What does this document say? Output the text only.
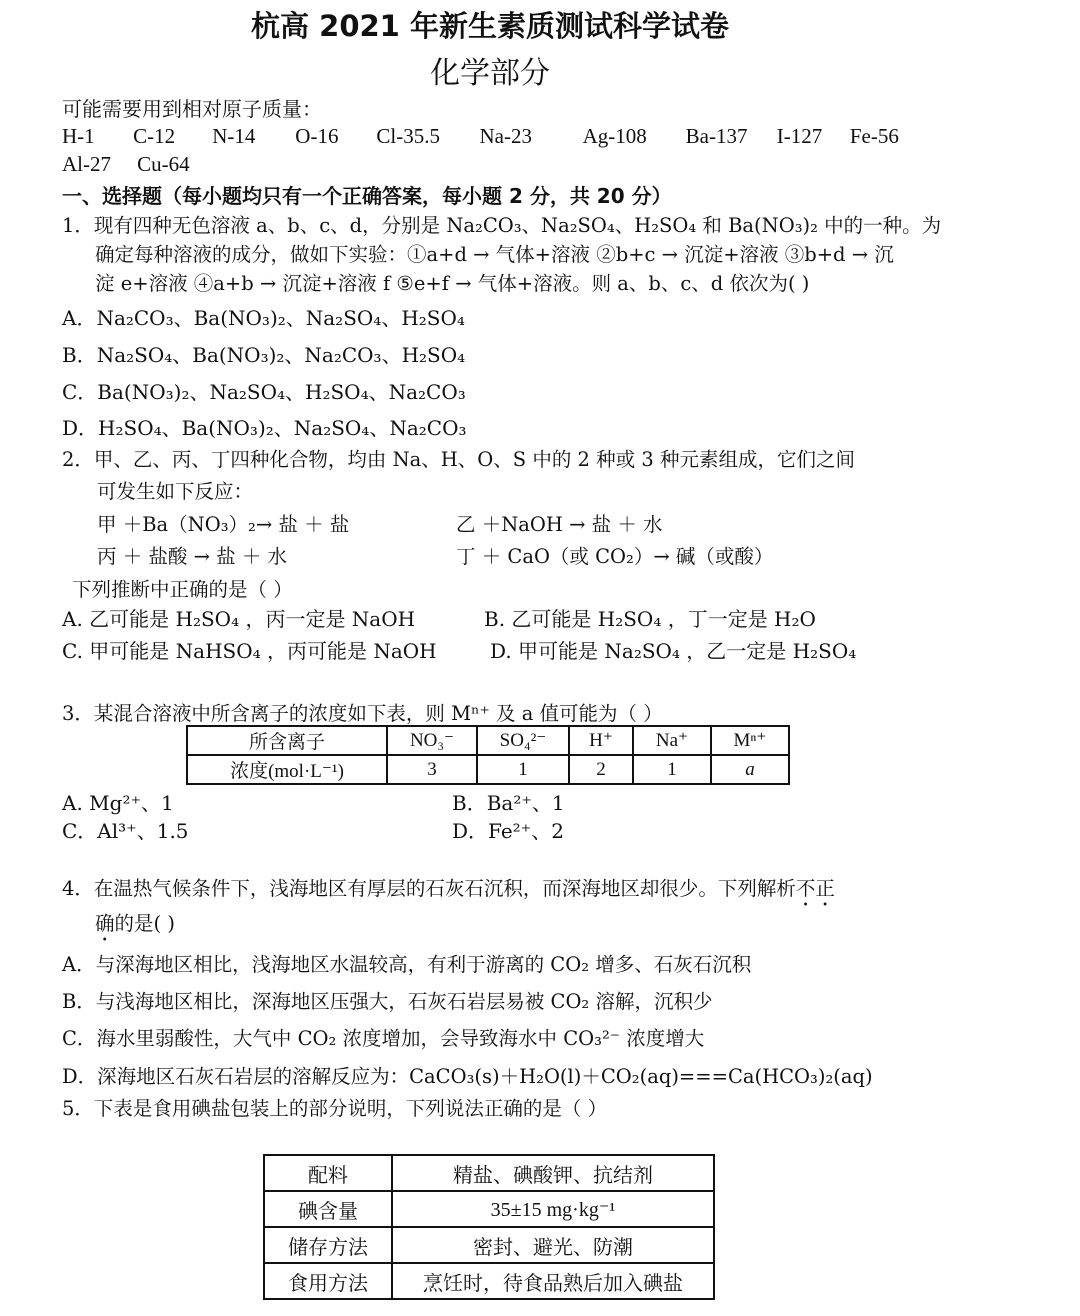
杭高 2021 年新生素质测试科学试卷
化学部分
可能需要用到相对原子质量：
H-1 C-12 N-14 O-16 Cl-35.5 Na-23 Ag-108 Ba-137 I-127 Fe-56
Al-27 Cu-64
一、选择题（每小题均只有一个正确答案，每小题 2 分，共 20 分）
1．现有四种无色溶液 a、b、c、d，分别是 Na₂CO₃、Na₂SO₄、H₂SO₄ 和 Ba(NO₃)₂ 中的一种。为
确定每种溶液的成分，做如下实验：①a+d → 气体+溶液 ②b+c → 沉淀+溶液 ③b+d → 沉
淀 e+溶液 ④a+b → 沉淀+溶液 f ⑤e+f → 气体+溶液。则 a、b、c、d 依次为( )
A．Na₂CO₃、Ba(NO₃)₂、Na₂SO₄、H₂SO₄
B．Na₂SO₄、Ba(NO₃)₂、Na₂CO₃、H₂SO₄
C．Ba(NO₃)₂、Na₂SO₄、H₂SO₄、Na₂CO₃
D．H₂SO₄、Ba(NO₃)₂、Na₂SO₄、Na₂CO₃
2．甲、乙、丙、丁四种化合物，均由 Na、H、O、S 中的 2 种或 3 种元素组成，它们之间
可发生如下反应：
甲 ＋Ba（NO₃）₂→ 盐 ＋ 盐	乙 ＋NaOH → 盐 ＋ 水
丙 ＋ 盐酸 → 盐 ＋ 水	丁 ＋ CaO（或 CO₂）→ 碱（或酸）
下列推断中正确的是（ ）
A. 乙可能是 H₂SO₄ ，丙一定是 NaOH	B. 乙可能是 H₂SO₄ ，丁一定是 H₂O
C. 甲可能是 NaHSO₄ ，丙可能是 NaOH	D. 甲可能是 Na₂SO₄ ，乙一定是 H₂SO₄
3．某混合溶液中所含离子的浓度如下表，则 Mⁿ⁺ 及 a 值可能为（ ）
所含离子	NO₃⁻	SO₄²⁻	H⁺	Na⁺	Mⁿ⁺
浓度(mol·L⁻¹)	3	1	2	1	a
A. Mg²⁺、1	B．Ba²⁺、1
C．Al³⁺、1.5	D．Fe²⁺、2
4．在温热气候条件下，浅海地区有厚层的石灰石沉积，而深海地区却很少。下列解析不正
确的是( )
A．与深海地区相比，浅海地区水温较高，有利于游离的 CO₂ 增多、石灰石沉积
B．与浅海地区相比，深海地区压强大，石灰石岩层易被 CO₂ 溶解，沉积少
C．海水里弱酸性，大气中 CO₂ 浓度增加，会导致海水中 CO₃²⁻ 浓度增大
D．深海地区石灰石岩层的溶解反应为：CaCO₃(s)＋H₂O(l)＋CO₂(aq)===Ca(HCO₃)₂(aq)
5．下表是食用碘盐包装上的部分说明，下列说法正确的是（ ）
配料	精盐、碘酸钾、抗结剂
碘含量	35±15 mg·kg⁻¹
储存方法	密封、避光、防潮
食用方法	烹饪时，待食品熟后加入碘盐
